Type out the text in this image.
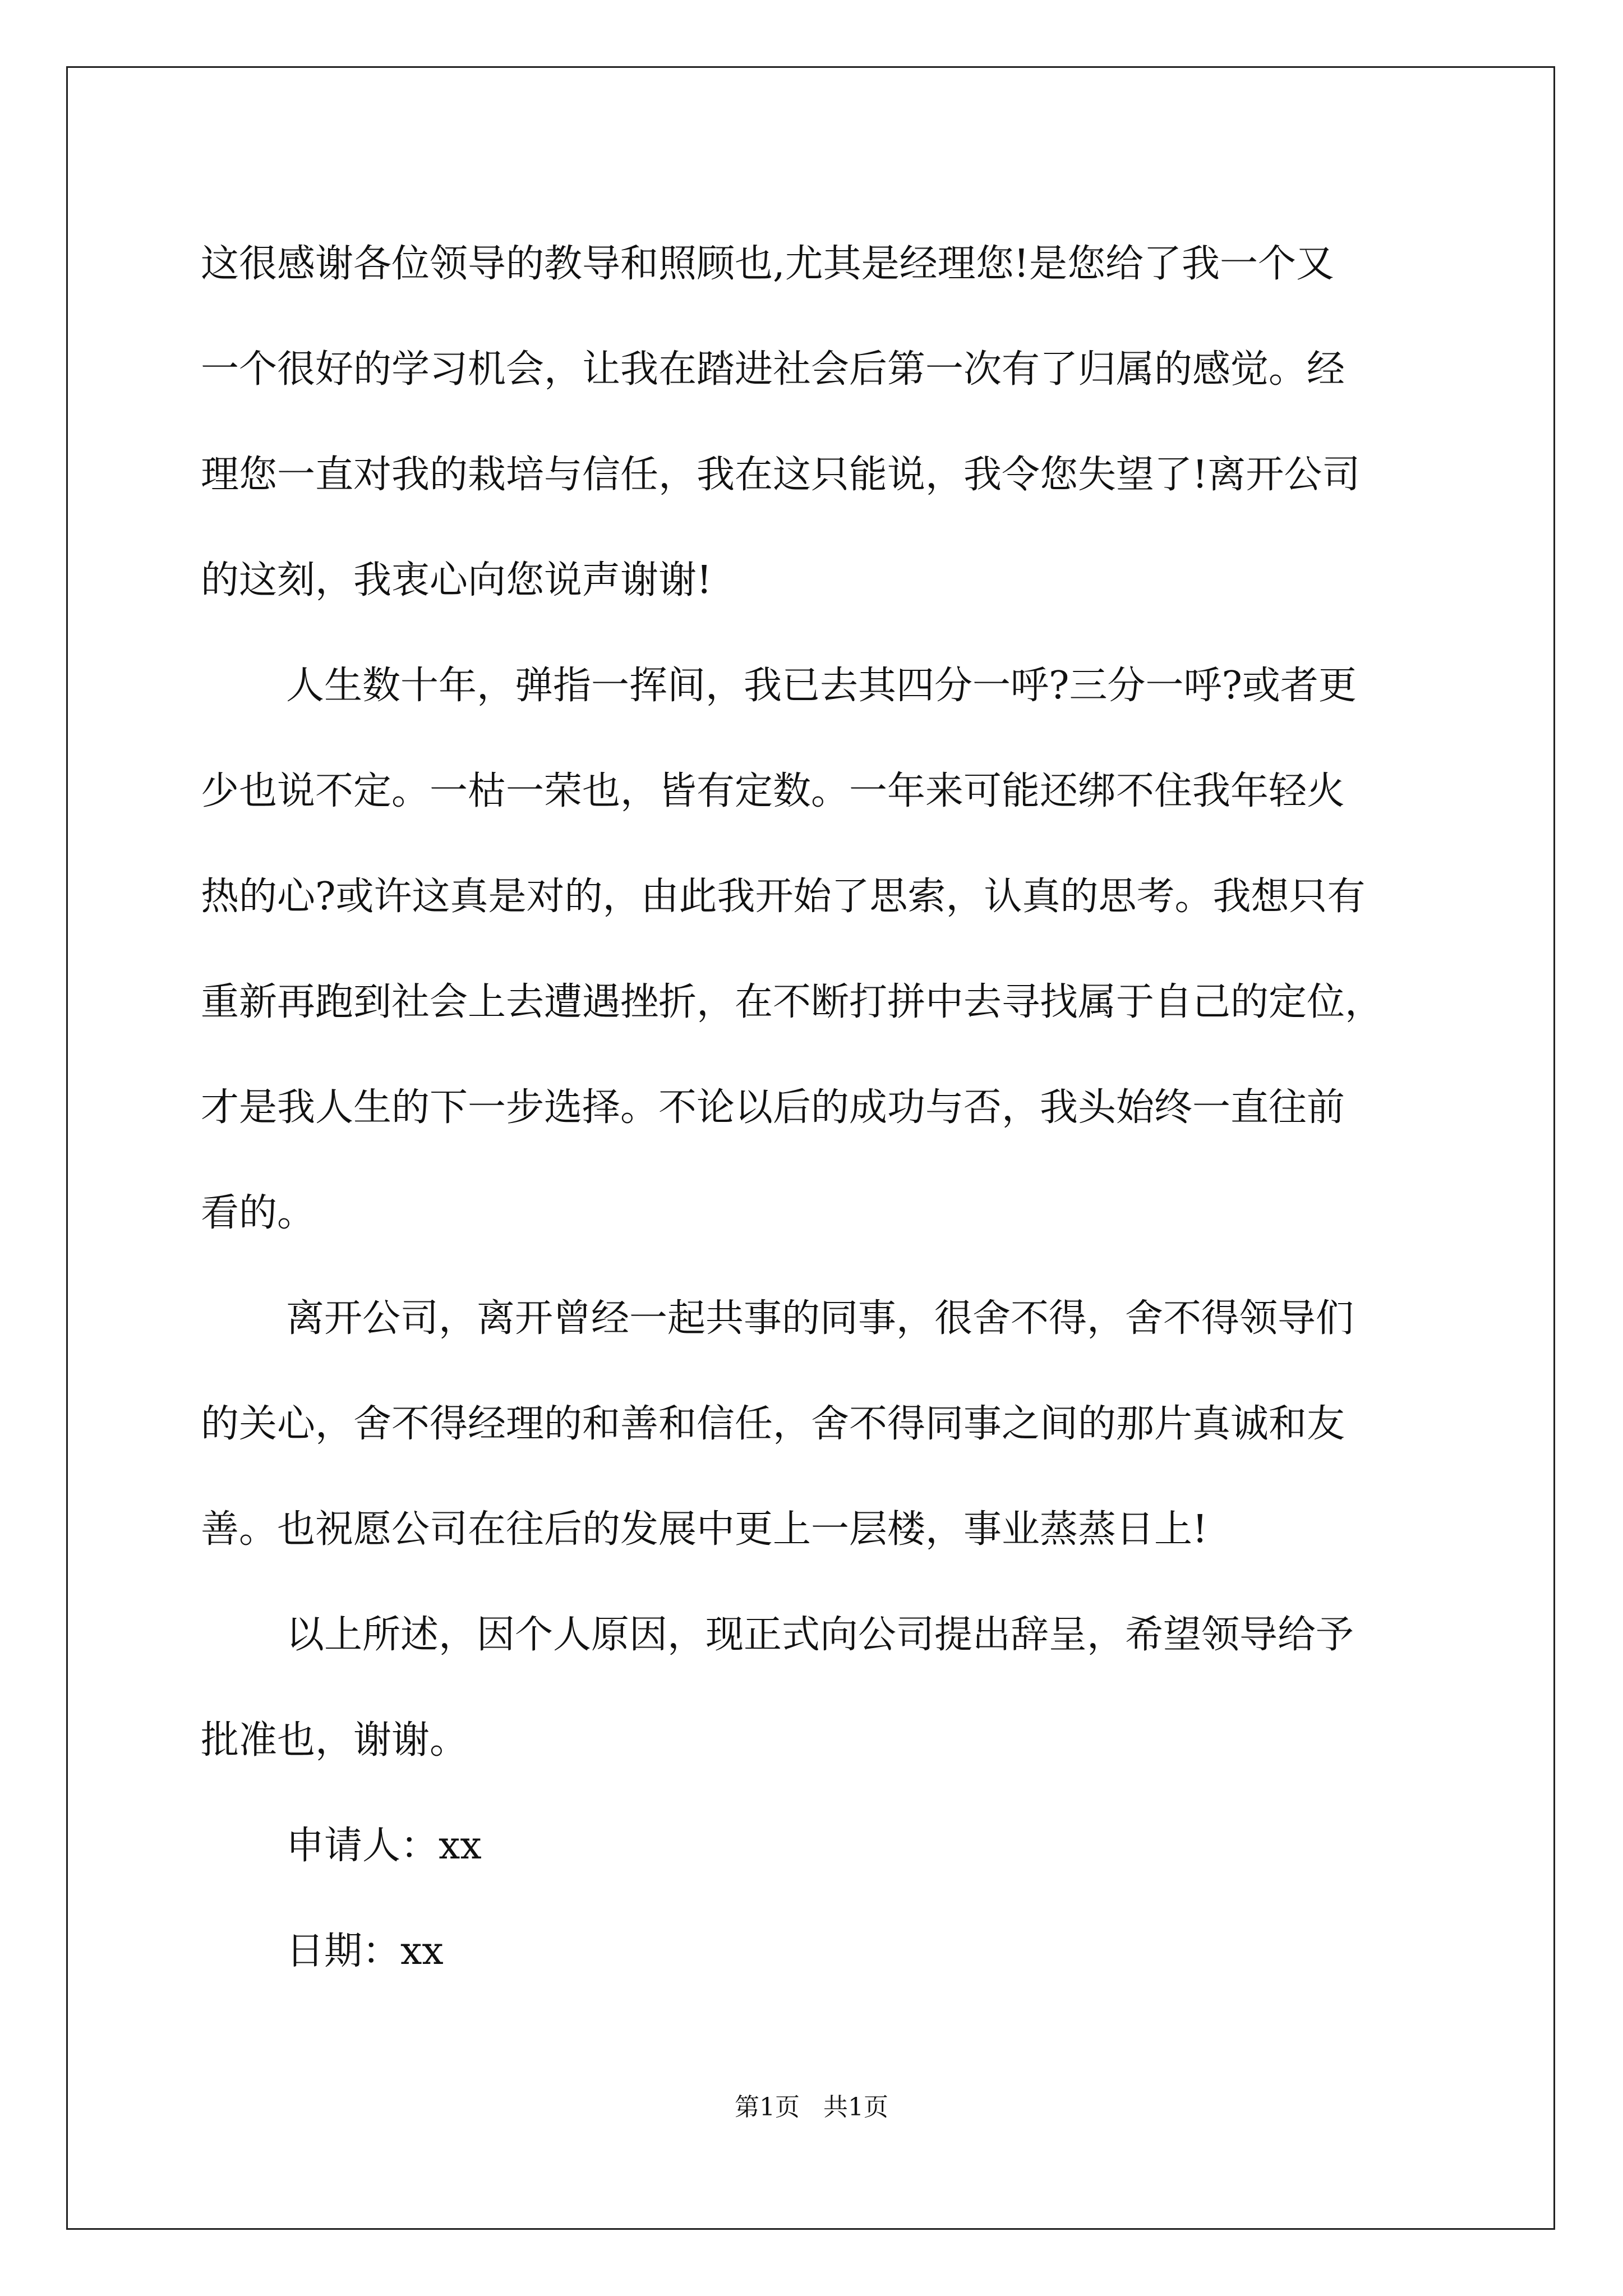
这很感谢各位领导的教导和照顾也,尤其是经理您!是您给了我一个又
一个很好的学习机会，让我在踏进社会后第一次有了归属的感觉。经
理您一直对我的栽培与信任，我在这只能说，我令您失望了!离开公司
的这刻，我衷心向您说声谢谢!
人生数十年，弹指一挥间，我已去其四分一呼?三分一呼?或者更
少也说不定。一枯一荣也，皆有定数。一年来可能还绑不住我年轻火
热的心?或许这真是对的，由此我开始了思索，认真的思考。我想只有
重新再跑到社会上去遭遇挫折，在不断打拼中去寻找属于自己的定位，
才是我人生的下一步选择。不论以后的成功与否，我头始终一直往前
看的。
离开公司，离开曾经一起共事的同事，很舍不得，舍不得领导们
的关心，舍不得经理的和善和信任，舍不得同事之间的那片真诚和友
善。也祝愿公司在往后的发展中更上一层楼，事业蒸蒸日上!
以上所述，因个人原因，现正式向公司提出辞呈，希望领导给予
批准也，谢谢。
申请人：xx
日期：xx
第1页   共1页
